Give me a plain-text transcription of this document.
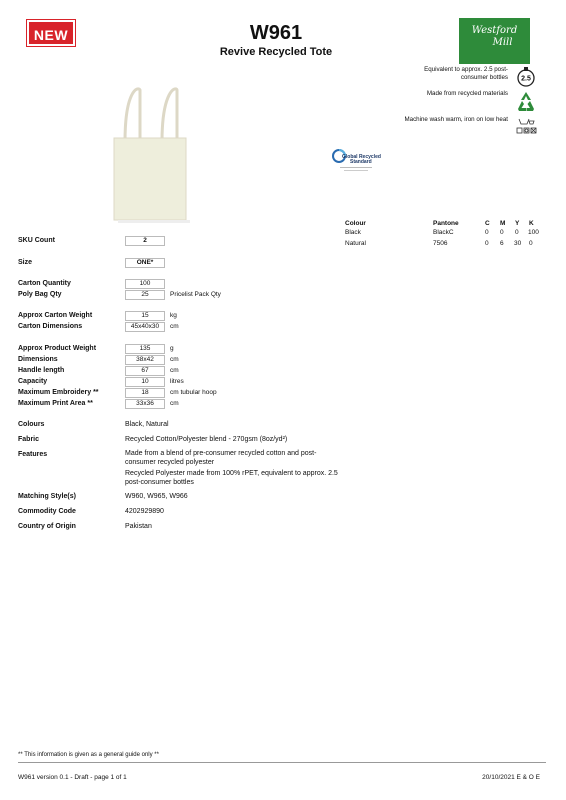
NEW	W961
Revive Recycled Tote
Westford
Mill
Equivalent to approx. 2.5 post-consumer bottles 2.5
Made from recycled materials
Machine wash warm, iron on low heat
Global Recycled
Standard
Colour	Pantone	C M Y K
Black	BlackC	0 0 0 100
Natural	7506	0 6 30 0
SKU Count	2
Size	ONE*
Carton Quantity	100
Poly Bag Qty	25	Pricelist Pack Qty
Approx Carton Weight	15	kg
Carton Dimensions	45x40x30	cm
Approx Product Weight	135	g
Dimensions	38x42	cm
Handle length	67	cm
Capacity	10	litres
Maximum Embroidery **	18	cm tubular hoop
Maximum Print Area **	33x36	cm
Colours	Black, Natural
Fabric	Recycled Cotton/Polyester blend - 270gsm (8oz/yd²)
Features	Made from a blend of pre-consumer recycled cotton and post-consumer recycled polyester
Recycled Polyester made from 100% rPET, equivalent to approx. 2.5 post-consumer bottles
Matching Style(s)	W960, W965, W966
Commodity Code	4202929890
Country of Origin	Pakistan
** This information is given as a general guide only **
W961 version 0.1 - Draft - page 1 of 1	20/10/2021 E & O E
